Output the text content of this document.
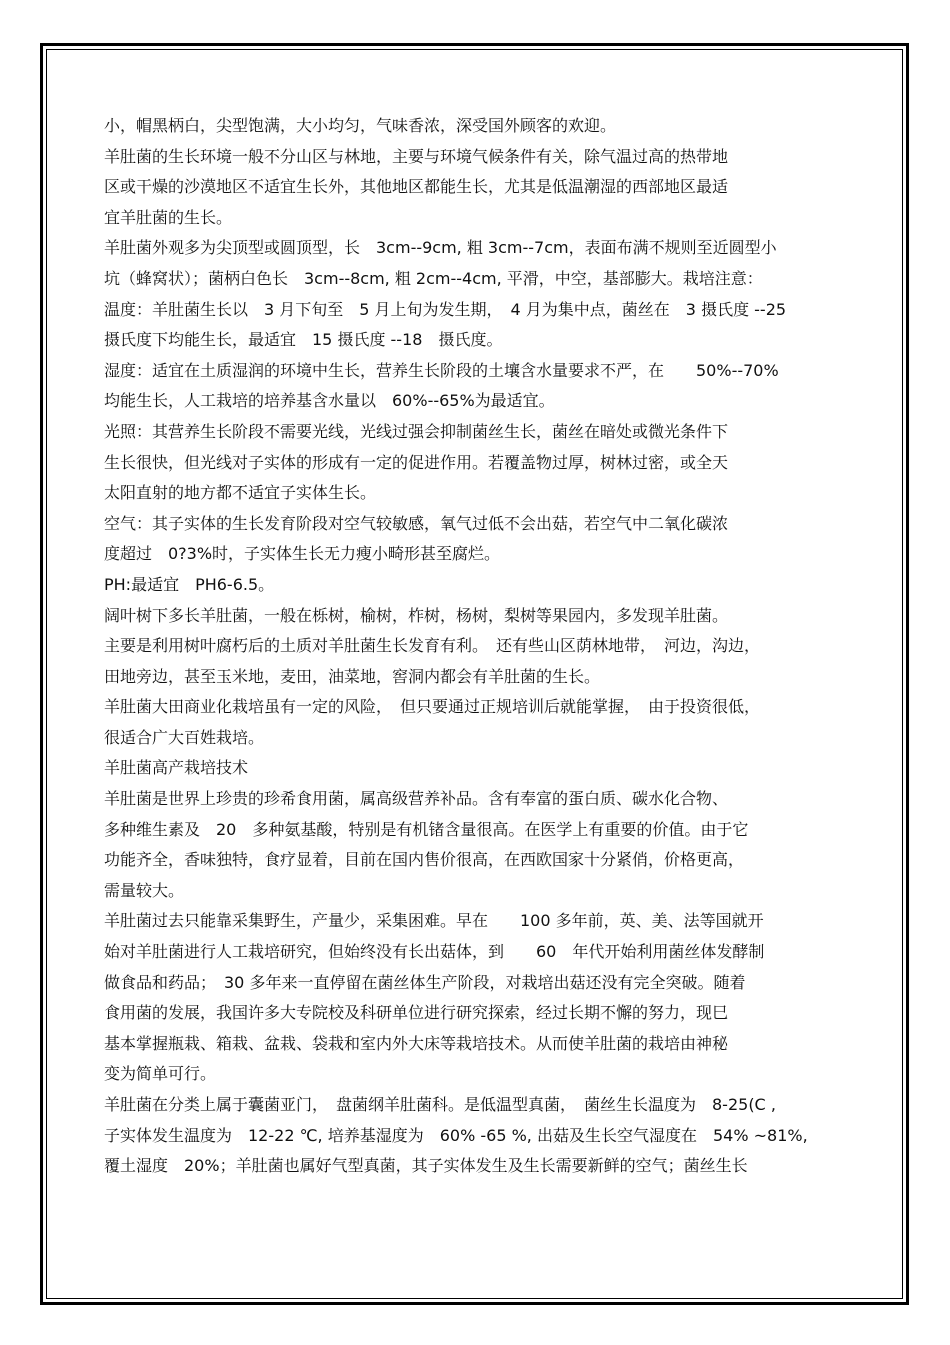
小，帽黑柄白，尖型饱满，大小均匀，气味香浓，深受国外顾客的欢迎。
羊肚菌的生长环境一般不分山区与林地，主要与环境气候条件有关，除气温过高的热带地
区或干燥的沙漠地区不适宜生长外，其他地区都能生长，尤其是低温潮湿的西部地区最适
宜羊肚菌的生长。
羊肚菌外观多为尖顶型或圆顶型，长　3cm--9cm, 粗 3cm--7cm，表面布满不规则至近圆型小
坑（蜂窝状）；菌柄白色长　3cm--8cm, 粗 2cm--4cm, 平滑，中空，基部膨大。栽培注意：
温度：羊肚菌生长以　3 月下旬至　5 月上旬为发生期，　4 月为集中点，菌丝在　3 摄氏度 --25
摄氏度下均能生长，最适宜　15 摄氏度 --18　摄氏度。
湿度：适宜在土质湿润的环境中生长，营养生长阶段的土壤含水量要求不严，在　　50%--70%
均能生长，人工栽培的培养基含水量以　60%--65%为最适宜。
光照：其营养生长阶段不需要光线，光线过强会抑制菌丝生长，菌丝在暗处或微光条件下
生长很快，但光线对子实体的形成有一定的促进作用。若覆盖物过厚，树林过密，或全天
太阳直射的地方都不适宜子实体生长。
空气：其子实体的生长发育阶段对空气较敏感，氧气过低不会出菇，若空气中二氧化碳浓
度超过　0?3%时，子实体生长无力瘦小畸形甚至腐烂。
PH:最适宜　PH6-6.5。
阔叶树下多长羊肚菌，一般在栎树，榆树，柞树，杨树，梨树等果园内，多发现羊肚菌。
主要是利用树叶腐朽后的土质对羊肚菌生长发育有利。　还有些山区荫林地带，　河边，沟边，
田地旁边，甚至玉米地，麦田，油菜地，窖洞内都会有羊肚菌的生长。
羊肚菌大田商业化栽培虽有一定的风险，　但只要通过正规培训后就能掌握，　由于投资很低，
很适合广大百姓栽培。
羊肚菌高产栽培技术
羊肚菌是世界上珍贵的珍希食用菌，属高级营养补品。含有奉富的蛋白质、碳水化合物、
多种维生素及　20　多种氨基酸，特别是有机锗含量很高。在医学上有重要的价值。由于它
功能齐全，香味独特，食疗显着，目前在国内售价很高，在西欧国家十分紧俏，价格更高，
需量较大。
羊肚菌过去只能靠采集野生，产量少，采集困难。早在　　100 多年前，英、美、法等国就开
始对羊肚菌进行人工栽培研究，但始终没有长出菇体，到　　60　年代开始利用菌丝体发酵制
做食品和药品；　30 多年来一直停留在菌丝体生产阶段，对栽培出菇还没有完全突破。随着
食用菌的发展，我国许多大专院校及科研单位进行研究探索，经过长期不懈的努力，现巳
基本掌握瓶栽、箱栽、盆栽、袋栽和室内外大床等栽培技术。从而使羊肚菌的栽培由神秘
变为简单可行。
羊肚菌在分类上属于囊菌亚门，　盘菌纲羊肚菌科。是低温型真菌，　菌丝生长温度为　8-25(C ,
子实体发生温度为　12-22 ℃, 培养基湿度为　60% -65 %, 出菇及生长空气湿度在　54% ~81%,
覆土湿度　20%；羊肚菌也属好气型真菌，其子实体发生及生长需要新鲜的空气；菌丝生长
